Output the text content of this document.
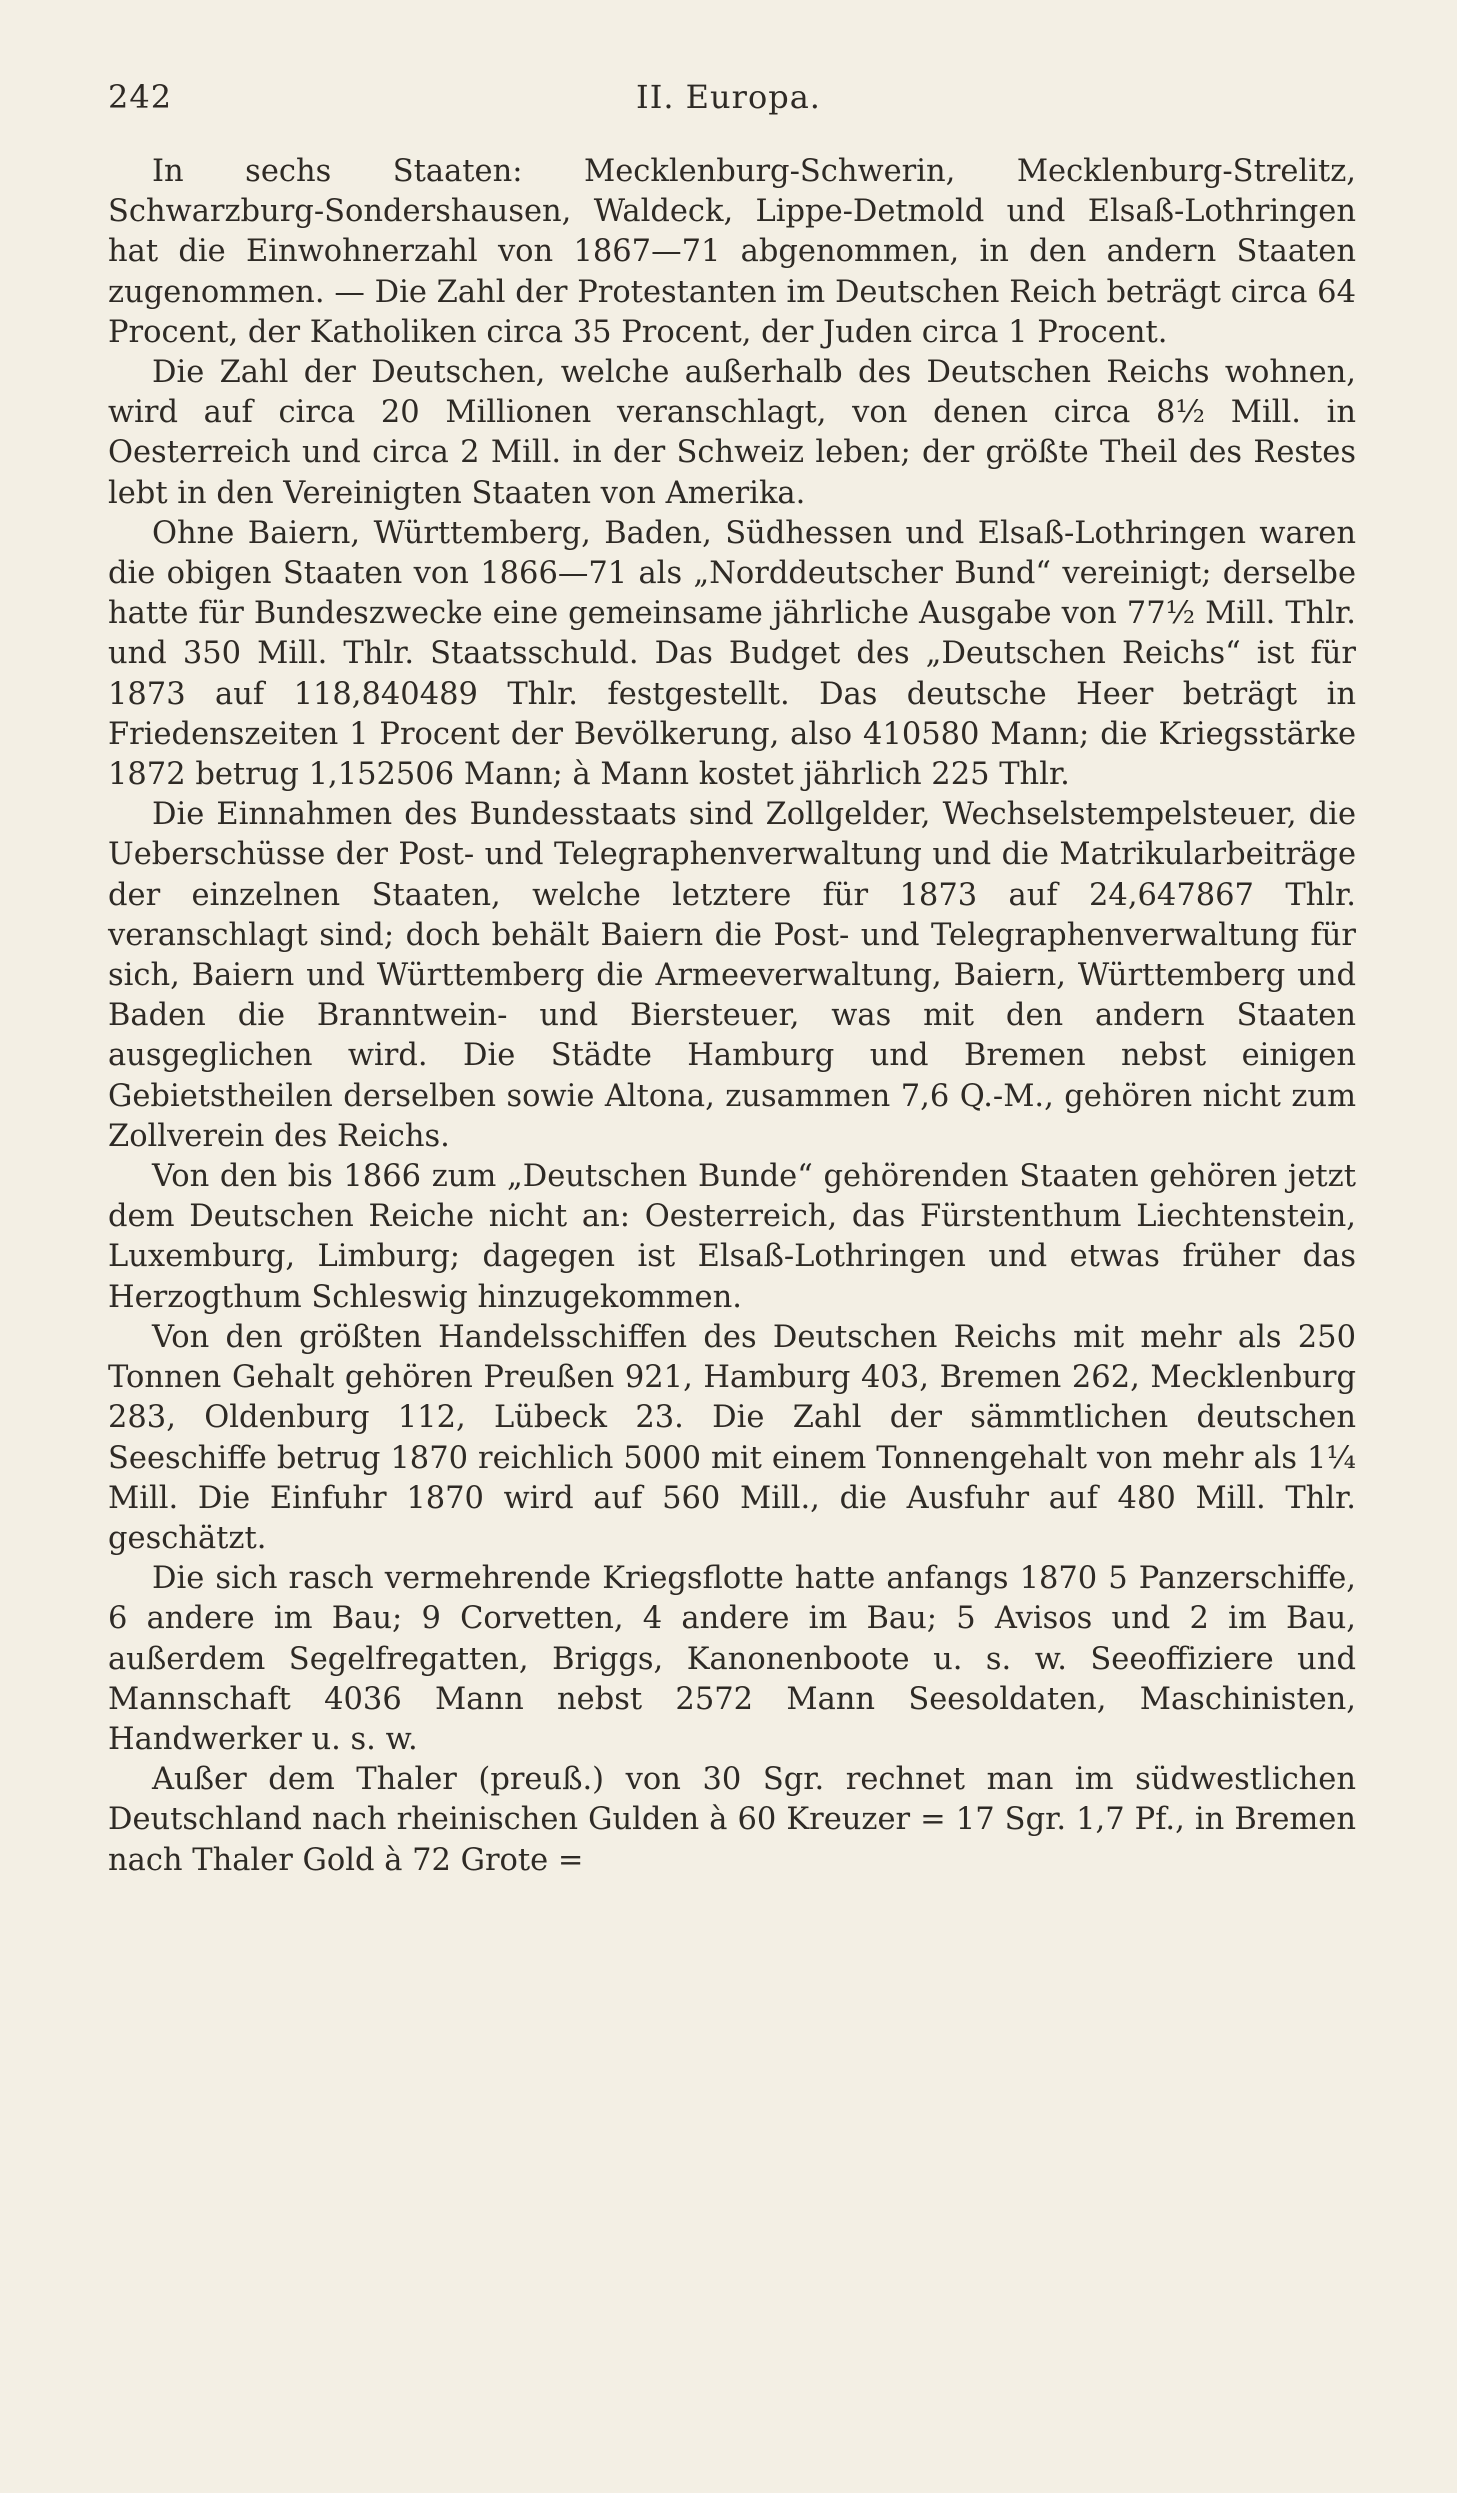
242	II. Europa.

In sechs Staaten: Mecklenburg-Schwerin, Mecklenburg-Strelitz, Schwarzburg-Sondershausen, Waldeck, Lippe-Detmold und Elsaß-Lothringen hat die Einwohnerzahl von 1867—71 abgenommen, in den andern Staaten zugenommen. — Die Zahl der Protestanten im Deutschen Reich beträgt circa 64 Procent, der Katholiken circa 35 Procent, der Juden circa 1 Procent.

Die Zahl der Deutschen, welche außerhalb des Deutschen Reichs wohnen, wird auf circa 20 Millionen veranschlagt, von denen circa 8½ Mill. in Oesterreich und circa 2 Mill. in der Schweiz leben; der größte Theil des Restes lebt in den Vereinigten Staaten von Amerika.

Ohne Baiern, Württemberg, Baden, Südhessen und Elsaß-Lothringen waren die obigen Staaten von 1866—71 als „Norddeutscher Bund“ vereinigt; derselbe hatte für Bundeszwecke eine gemeinsame jährliche Ausgabe von 77½ Mill. Thlr. und 350 Mill. Thlr. Staatsschuld. Das Budget des „Deutschen Reichs“ ist für 1873 auf 118,840489 Thlr. festgestellt. Das deutsche Heer beträgt in Friedenszeiten 1 Procent der Bevölkerung, also 410580 Mann; die Kriegsstärke 1872 betrug 1,152506 Mann; à Mann kostet jährlich 225 Thlr.

Die Einnahmen des Bundesstaats sind Zollgelder, Wechselstempelsteuer, die Ueberschüsse der Post- und Telegraphenverwaltung und die Matrikularbeiträge der einzelnen Staaten, welche letztere für 1873 auf 24,647867 Thlr. veranschlagt sind; doch behält Baiern die Post- und Telegraphenverwaltung für sich, Baiern und Württemberg die Armeeverwaltung, Baiern, Württemberg und Baden die Branntwein- und Biersteuer, was mit den andern Staaten ausgeglichen wird. Die Städte Hamburg und Bremen nebst einigen Gebietstheilen derselben sowie Altona, zusammen 7,6 Q.-M., gehören nicht zum Zollverein des Reichs.

Von den bis 1866 zum „Deutschen Bunde“ gehörenden Staaten gehören jetzt dem Deutschen Reiche nicht an: Oesterreich, das Fürstenthum Liechtenstein, Luxemburg, Limburg; dagegen ist Elsaß-Lothringen und etwas früher das Herzogthum Schleswig hinzugekommen.

Von den größten Handelsschiffen des Deutschen Reichs mit mehr als 250 Tonnen Gehalt gehören Preußen 921, Hamburg 403, Bremen 262, Mecklenburg 283, Oldenburg 112, Lübeck 23. Die Zahl der sämmtlichen deutschen Seeschiffe betrug 1870 reichlich 5000 mit einem Tonnengehalt von mehr als 1¼ Mill. Die Einfuhr 1870 wird auf 560 Mill., die Ausfuhr auf 480 Mill. Thlr. geschätzt.

Die sich rasch vermehrende Kriegsflotte hatte anfangs 1870 5 Panzerschiffe, 6 andere im Bau; 9 Corvetten, 4 andere im Bau; 5 Avisos und 2 im Bau, außerdem Segelfregatten, Briggs, Kanonenboote u. s. w. Seeoffiziere und Mannschaft 4036 Mann nebst 2572 Mann Seesoldaten, Maschinisten, Handwerker u. s. w.

Außer dem Thaler (preuß.) von 30 Sgr. rechnet man im südwestlichen Deutschland nach rheinischen Gulden à 60 Kreuzer = 17 Sgr. 1,7 Pf., in Bremen nach Thaler Gold à 72 Grote =
